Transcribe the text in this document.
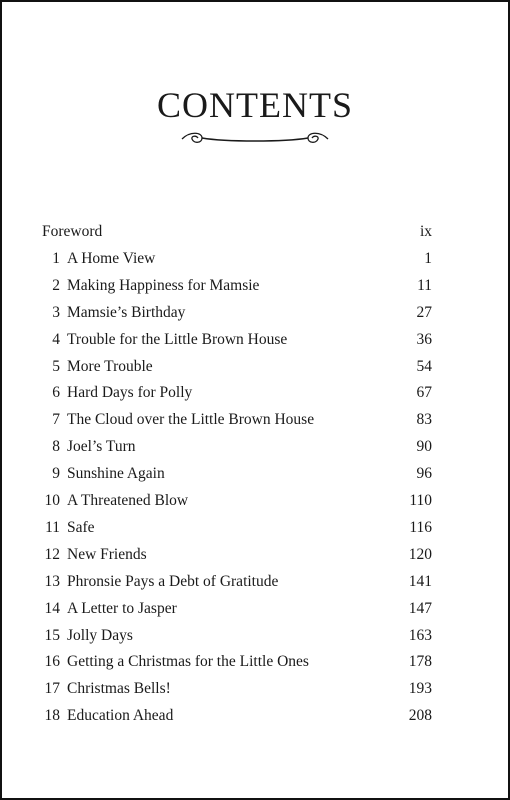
CONTENTS
Foreword	ix
1 A Home View	1
2 Making Happiness for Mamsie	11
3 Mamsie’s Birthday	27
4 Trouble for the Little Brown House	36
5 More Trouble	54
6 Hard Days for Polly	67
7 The Cloud over the Little Brown House	83
8 Joel’s Turn	90
9 Sunshine Again	96
10 A Threatened Blow	110
11 Safe	116
12 New Friends	120
13 Phronsie Pays a Debt of Gratitude	141
14 A Letter to Jasper	147
15 Jolly Days	163
16 Getting a Christmas for the Little Ones	178
17 Christmas Bells!	193
18 Education Ahead	208
